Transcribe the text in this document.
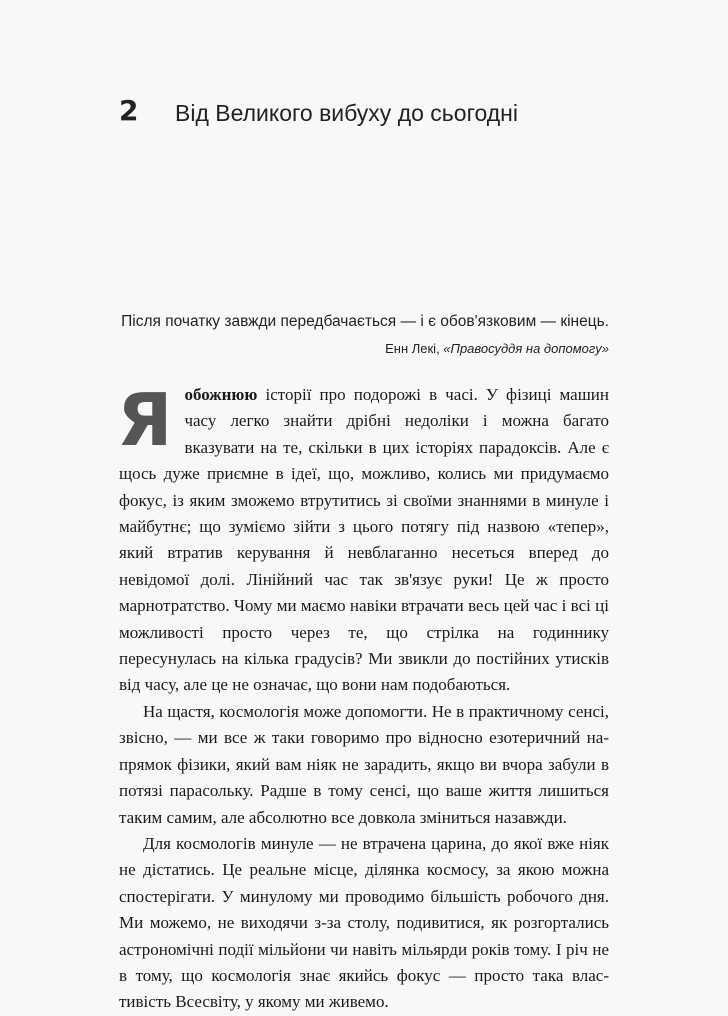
2 Від Великого вибуху до сьогодні
Після початку завжди передбачається — і є обов'язковим — кінець.
Енн Лекі, «Правосуддя на допомогу»

Яобожнюю історії про подорожі в часі. У фізиці машин часу легко знайти дрібні недоліки і можна багато вказувати на те, скільки в цих історіях парадоксів. Але є щось дуже приємне в ідеї, що, можливо, колись ми придумаємо фокус, із яким зможемо втрутитись зі своїми знаннями в минуле і майбутнє; що зуміємо зійти з цього потягу під назвою «тепер», який втратив керування й невблаганно несеться вперед до невідомої долі. Лінійний час так зв'язує руки! Це ж просто марнотратство. Чому ми маємо навіки втрачати весь цей час і всі ці можливості просто через те, що стрілка на годиннику пересунулась на кілька градусів? Ми звикли до постійних утисків від часу, але це не означає, що вони нам подобаються.

На щастя, космологія може допомогти. Не в практичному сенсі, звісно, — ми все ж таки говоримо про відносно езотеричний напрямок фізики, який вам ніяк не зарадить, якщо ви вчора забули в потязі парасольку. Радше в тому сенсі, що ваше життя лишиться таким самим, але абсолютно все довкола зміниться назавжди.

Для космологів минуле — не втрачена царина, до якої вже ніяк не дістатись. Це реальне місце, ділянка космосу, за якою можна спостерігати. У минулому ми проводимо більшість робочого дня. Ми можемо, не виходячи з-за столу, подивитися, як розгортались астрономічні події мільйони чи навіть мільярди років тому. І річ не в тому, що космологія знає якийсь фокус — просто така властивість Всесвіту, у якому ми живемо.
